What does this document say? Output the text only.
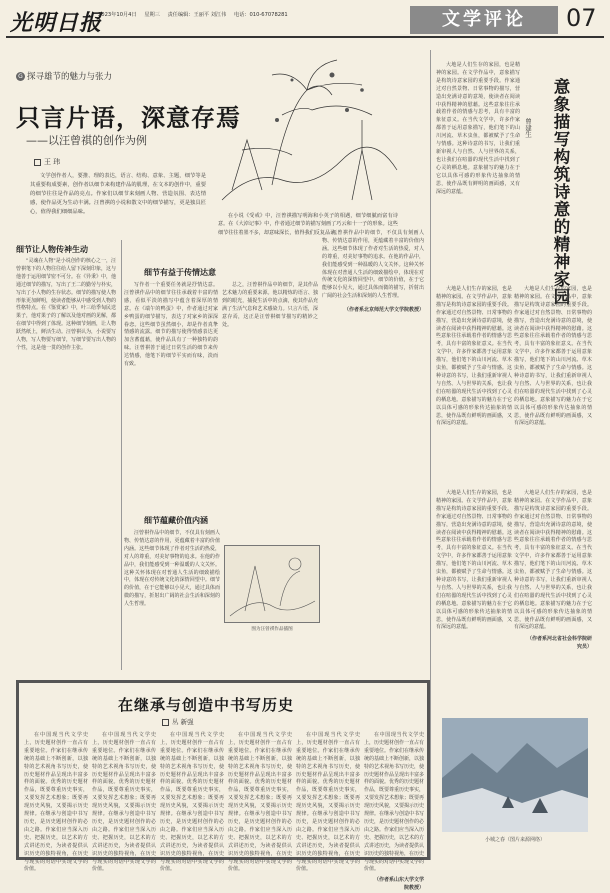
光明日报
2023年10月4日 星期三 责任编辑：王丽平 刘江伟 电话：010-67078281	文学评论	07
G 探寻雄节的魅力与张力
只言片语，深意存焉
——以汪曾祺的创作为例
王 玮
文学创作者人，要推、理的表达，语言、结构、意象、主题，细节等是其重要构成要素，创作者以细节来构建作品的肌理，在文本的创作中，重要的细节往往是作品的亮点。作家们以细节来刻画人物、营造氛围、表达情感，使作品更为生动丰满。汪曾祺的小说和散文中的细节描写，更是独具匠心，值得我们细细品味。
在小说《受戒》中，汪曾祺描写明海和小英子的相遇，细节细腻而富有诗意。在《大淖记事》中，作者通过细节的描写刻画了巧云和十一子的形象。这些细节往往着墨不多，却意味深长，值得我们反复品读。
细节让人物传神生动

"灵魂在人物"是小说创作的核心之一，汪曾祺笔下的人物往往给人留下深刻印象，这与他善于运用细节密不可分。在《异秉》中，他通过细节的描写，写出了王二的勤劳与朴实，写出了小人物的生存状态。细节的描写使人物形象更加鲜明，使读者能够从中感受到人物的性格特点。在《鉴赏家》中，叶三给季匋民送果子，他对果子的了解以及他对画的见解，都在细节中得到了体现。这种细节刻画，让人物跃然纸上，鲜活生动。汪曾祺认为，小说要写人物，写人物要写细节，写细节要写出人物的个性，这是他一贯的创作主张。

细节有益于传情达意

写作者一个重要任务就是抒情达意。汪曾祺作品中的细节往往承载着丰富的情感，看似平淡的描写中蕴含着深厚的情意。在《端午的鸭蛋》中，作者通过对家乡鸭蛋的细节描写，表达了对家乡的深深眷恋。这些细节虽然细小，却是作者真挚情感的流露。细节的描写使得情感表达更加含蓄蕴藉，使作品具有了一种独特的韵味。汪曾祺善于通过日常生活的细节来传达情感，他笔下的细节平实而有味，淡而有致。

总之，汪曾祺作品中的细节，是其作品艺术魅力的重要来源。他以精炼的语言、独到的眼光，捕捉生活中的点滴，使其作品充满了生活气息和艺术感染力。只言片语，深意存焉，这正是汪曾祺细节描写的精妙之处。

细节蕴藏价值内涵

汪曾祺作品中的细节，不仅具有刻画人物、传情达意的作用，更蕴藏着丰富的价值内涵。这些细节体现了作者对生活的热爱，对人的尊重，对美好事物的追求。在他的作品中，我们能感受到一种温暖的人文关怀。这种关怀体现在对普通人生活的细致描绘中，体现在对传统文化的深情回望中。细节的价值，在于它能够以小见大，通过具体而微的描写，折射出广阔的社会生活和深刻的人生哲理。

图为汪曾祺作品插图

汪曾祺作品中的细节，不仅具有刻画人物、传情达意的作用，更蕴藏着丰富的价值内涵。这些细节体现了作者对生活的热爱，对人的尊重，对美好事物的追求。在他的作品中，我们能感受到一种温暖的人文关怀。这种关怀体现在对普通人生活的细致描绘中，体现在对传统文化的深情回望中。细节的价值，在于它能够以小见大，通过具体而微的描写，折射出广阔的社会生活和深刻的人生哲理。

（作者系北京师范大学文学院教授）

意象描写构筑诗意的精神家园
曾建生

大地是人们生存的家园，也是精神的家园。在文学作品中，意象描写是构筑诗意家园的重要手段。作家通过对自然景物、日常事物的描写，营造出充满诗意的意境，使读者在阅读中获得精神的慰藉。这些意象往往承载着作者的情感与思考，具有丰富的象征意义。在当代文学中，许多作家都善于运用意象描写，他们笔下的山川河流、草木虫鱼，都被赋予了生命与情感。这种诗意的书写，让我们重新审视人与自然、人与世界的关系，也让我们在喧嚣的现代生活中找到了心灵的栖息地。意象描写的魅力在于它以具体可感的形象传达抽象的情思，使作品既有鲜明的画面感，又有深远的意蕴。

大地是人们生存的家园，也是精神的家园。在文学作品中，意象描写是构筑诗意家园的重要手段。作家通过对自然景物、日常事物的描写，营造出充满诗意的意境，使读者在阅读中获得精神的慰藉。这些意象往往承载着作者的情感与思考，具有丰富的象征意义。在当代文学中，许多作家都善于运用意象描写，他们笔下的山川河流、草木虫鱼，都被赋予了生命与情感。这种诗意的书写，让我们重新审视人与自然、人与世界的关系，也让我们在喧嚣的现代生活中找到了心灵的栖息地。意象描写的魅力在于它以具体可感的形象传达抽象的情思，使作品既有鲜明的画面感，又有深远的意蕴。

大地是人们生存的家园，也是精神的家园。在文学作品中，意象描写是构筑诗意家园的重要手段。作家通过对自然景物、日常事物的描写，营造出充满诗意的意境，使读者在阅读中获得精神的慰藉。这些意象往往承载着作者的情感与思考，具有丰富的象征意义。在当代文学中，许多作家都善于运用意象描写，他们笔下的山川河流、草木虫鱼，都被赋予了生命与情感。这种诗意的书写，让我们重新审视人与自然、人与世界的关系，也让我们在喧嚣的现代生活中找到了心灵的栖息地。意象描写的魅力在于它以具体可感的形象传达抽象的情思，使作品既有鲜明的画面感，又有深远的意蕴。

大地是人们生存的家园，也是精神的家园。在文学作品中，意象描写是构筑诗意家园的重要手段。作家通过对自然景物、日常事物的描写，营造出充满诗意的意境，使读者在阅读中获得精神的慰藉。这些意象往往承载着作者的情感与思考，具有丰富的象征意义。在当代文学中，许多作家都善于运用意象描写，他们笔下的山川河流、草木虫鱼，都被赋予了生命与情感。这种诗意的书写，让我们重新审视人与自然、人与世界的关系，也让我们在喧嚣的现代生活中找到了心灵的栖息地。意象描写的魅力在于它以具体可感的形象传达抽象的情思，使作品既有鲜明的画面感，又有深远的意蕴。

大地是人们生存的家园，也是精神的家园。在文学作品中，意象描写是构筑诗意家园的重要手段。作家通过对自然景物、日常事物的描写，营造出充满诗意的意境，使读者在阅读中获得精神的慰藉。这些意象往往承载着作者的情感与思考，具有丰富的象征意义。在当代文学中，许多作家都善于运用意象描写，他们笔下的山川河流、草木虫鱼，都被赋予了生命与情感。这种诗意的书写，让我们重新审视人与自然、人与世界的关系，也让我们在喧嚣的现代生活中找到了心灵的栖息地。意象描写的魅力在于它以具体可感的形象传达抽象的情思，使作品既有鲜明的画面感，又有深远的意蕴。

（作者系河北省社会科学院研究员）

小城之春（图片来源网络）
在继承与创造中书写历史
丛 新强

在中国现当代文学史上，历史题材创作一直占有重要地位。作家们在继承传统的基础上不断创新，以独特的艺术视角书写历史，使历史题材作品呈现出丰富多样的面貌。优秀的历史题材作品，既要尊重历史事实，又要发挥艺术想象；既要再现历史风貌，又要揭示历史规律。在继承与创造中书写历史，是历史题材创作的必由之路。作家们应当深入历史、把握历史，以艺术的方式讲述历史，为读者提供认识历史的独特视角，在历史与现实的对话中实现文学的价值。

在中国现当代文学史上，历史题材创作一直占有重要地位。作家们在继承传统的基础上不断创新，以独特的艺术视角书写历史，使历史题材作品呈现出丰富多样的面貌。优秀的历史题材作品，既要尊重历史事实，又要发挥艺术想象；既要再现历史风貌，又要揭示历史规律。在继承与创造中书写历史，是历史题材创作的必由之路。作家们应当深入历史、把握历史，以艺术的方式讲述历史，为读者提供认识历史的独特视角，在历史与现实的对话中实现文学的价值。

在中国现当代文学史上，历史题材创作一直占有重要地位。作家们在继承传统的基础上不断创新，以独特的艺术视角书写历史，使历史题材作品呈现出丰富多样的面貌。优秀的历史题材作品，既要尊重历史事实，又要发挥艺术想象；既要再现历史风貌，又要揭示历史规律。在继承与创造中书写历史，是历史题材创作的必由之路。作家们应当深入历史、把握历史，以艺术的方式讲述历史，为读者提供认识历史的独特视角，在历史与现实的对话中实现文学的价值。

在中国现当代文学史上，历史题材创作一直占有重要地位。作家们在继承传统的基础上不断创新，以独特的艺术视角书写历史，使历史题材作品呈现出丰富多样的面貌。优秀的历史题材作品，既要尊重历史事实，又要发挥艺术想象；既要再现历史风貌，又要揭示历史规律。在继承与创造中书写历史，是历史题材创作的必由之路。作家们应当深入历史、把握历史，以艺术的方式讲述历史，为读者提供认识历史的独特视角，在历史与现实的对话中实现文学的价值。

在中国现当代文学史上，历史题材创作一直占有重要地位。作家们在继承传统的基础上不断创新，以独特的艺术视角书写历史，使历史题材作品呈现出丰富多样的面貌。优秀的历史题材作品，既要尊重历史事实，又要发挥艺术想象；既要再现历史风貌，又要揭示历史规律。在继承与创造中书写历史，是历史题材创作的必由之路。作家们应当深入历史、把握历史，以艺术的方式讲述历史，为读者提供认识历史的独特视角，在历史与现实的对话中实现文学的价值。

在中国现当代文学史上，历史题材创作一直占有重要地位。作家们在继承传统的基础上不断创新，以独特的艺术视角书写历史，使历史题材作品呈现出丰富多样的面貌。优秀的历史题材作品，既要尊重历史事实，又要发挥艺术想象；既要再现历史风貌，又要揭示历史规律。在继承与创造中书写历史，是历史题材创作的必由之路。作家们应当深入历史、把握历史，以艺术的方式讲述历史，为读者提供认识历史的独特视角，在历史与现实的对话中实现文学的价值。

（作者系山东大学文学院教授）
